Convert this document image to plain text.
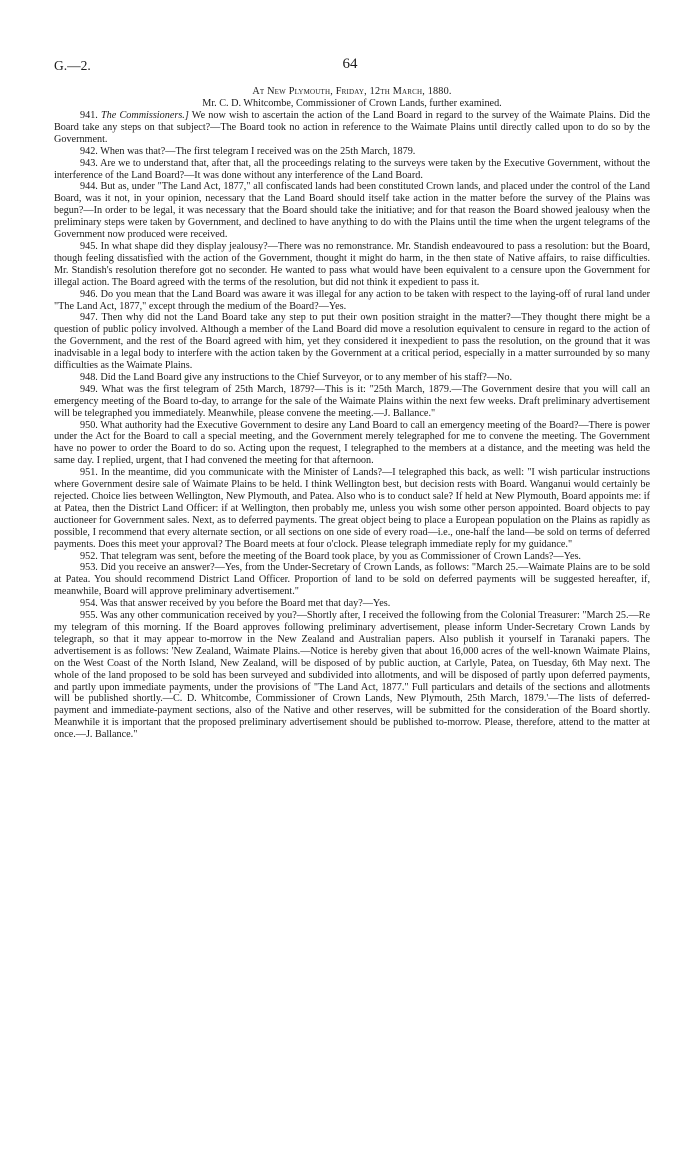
G.—2.	64

At New Plymouth, Friday, 12th March, 1880.

Mr. C. D. Whitcombe, Commissioner of Crown Lands, further examined.

941. The Commissioners.] We now wish to ascertain the action of the Land Board in regard to the survey of the Waimate Plains. Did the Board take any steps on that subject?—The Board took no action in reference to the Waimate Plains until directly called upon to do so by the Government.

942. When was that?—The first telegram I received was on the 25th March, 1879.

943. Are we to understand that, after that, all the proceedings relating to the surveys were taken by the Executive Government, without the interference of the Land Board?—It was done without any interference of the Land Board.

944. But as, under "The Land Act, 1877," all confiscated lands had been constituted Crown lands, and placed under the control of the Land Board, was it not, in your opinion, necessary that the Land Board should itself take action in the matter before the survey of the Plains was begun?—In order to be legal, it was necessary that the Board should take the initiative; and for that reason the Board showed jealousy when the preliminary steps were taken by Government, and declined to have anything to do with the Plains until the time when the urgent telegrams of the Government now produced were received.

945. In what shape did they display jealousy?—There was no remonstrance. Mr. Standish endeavoured to pass a resolution: but the Board, though feeling dissatisfied with the action of the Government, thought it might do harm, in the then state of Native affairs, to raise difficulties. Mr. Standish's resolution therefore got no seconder. He wanted to pass what would have been equivalent to a censure upon the Government for illegal action. The Board agreed with the terms of the resolution, but did not think it expedient to pass it.

946. Do you mean that the Land Board was aware it was illegal for any action to be taken with respect to the laying-off of rural land under "The Land Act, 1877," except through the medium of the Board?—Yes.

947. Then why did not the Land Board take any step to put their own position straight in the matter?—They thought there might be a question of public policy involved. Although a member of the Land Board did move a resolution equivalent to censure in regard to the action of the Government, and the rest of the Board agreed with him, yet they considered it inexpedient to pass the resolution, on the ground that it was inadvisable in a legal body to interfere with the action taken by the Government at a critical period, especially in a matter surrounded by so many difficulties as the Waimate Plains.

948. Did the Land Board give any instructions to the Chief Surveyor, or to any member of his staff?—No.

949. What was the first telegram of 25th March, 1879?—This is it: "25th March, 1879.—The Government desire that you will call an emergency meeting of the Board to-day, to arrange for the sale of the Waimate Plains within the next few weeks. Draft preliminary advertisement will be telegraphed you immediately. Meanwhile, please convene the meeting.—J. Ballance."

950. What authority had the Executive Government to desire any Land Board to call an emergency meeting of the Board?—There is power under the Act for the Board to call a special meeting, and the Government merely telegraphed for me to convene the meeting. The Government have no power to order the Board to do so. Acting upon the request, I telegraphed to the members at a distance, and the meeting was held the same day. I replied, urgent, that I had convened the meeting for that afternoon.

951. In the meantime, did you communicate with the Minister of Lands?—I telegraphed this back, as well: "I wish particular instructions where Government desire sale of Waimate Plains to be held. I think Wellington best, but decision rests with Board. Wanganui would certainly be rejected. Choice lies between Wellington, New Plymouth, and Patea. Also who is to conduct sale? If held at New Plymouth, Board appoints me: if at Patea, then the District Land Officer: if at Wellington, then probably me, unless you wish some other person appointed. Board objects to pay auctioneer for Government sales. Next, as to deferred payments. The great object being to place a European population on the Plains as rapidly as possible, I recommend that every alternate section, or all sections on one side of every road—i.e., one-half the land—be sold on terms of deferred payments. Does this meet your approval? The Board meets at four o'clock. Please telegraph immediate reply for my guidance."

952. That telegram was sent, before the meeting of the Board took place, by you as Commissioner of Crown Lands?—Yes.

953. Did you receive an answer?—Yes, from the Under-Secretary of Crown Lands, as follows: "March 25.—Waimate Plains are to be sold at Patea. You should recommend District Land Officer. Proportion of land to be sold on deferred payments will be suggested hereafter, if, meanwhile, Board will approve preliminary advertisement."

954. Was that answer received by you before the Board met that day?—Yes.

955. Was any other communication received by you?—Shortly after, I received the following from the Colonial Treasurer: "March 25.—Re my telegram of this morning. If the Board approves following preliminary advertisement, please inform Under-Secretary Crown Lands by telegraph, so that it may appear to-morrow in the New Zealand and Australian papers. Also publish it yourself in Taranaki papers. The advertisement is as follows: 'New Zealand, Waimate Plains.—Notice is hereby given that about 16,000 acres of the well-known Waimate Plains, on the West Coast of the North Island, New Zealand, will be disposed of by public auction, at Carlyle, Patea, on Tuesday, 6th May next. The whole of the land proposed to be sold has been surveyed and subdivided into allotments, and will be disposed of partly upon deferred payments, and partly upon immediate payments, under the provisions of "The Land Act, 1877." Full particulars and details of the sections and allotments will be published shortly.—C. D. Whitcombe, Commissioner of Crown Lands, New Plymouth, 25th March, 1879.'—The lists of deferred-payment and immediate-payment sections, also of the Native and other reserves, will be submitted for the consideration of the Board shortly. Meanwhile it is important that the proposed preliminary advertisement should be published to-morrow. Please, therefore, attend to the matter at once.—J. Ballance."
